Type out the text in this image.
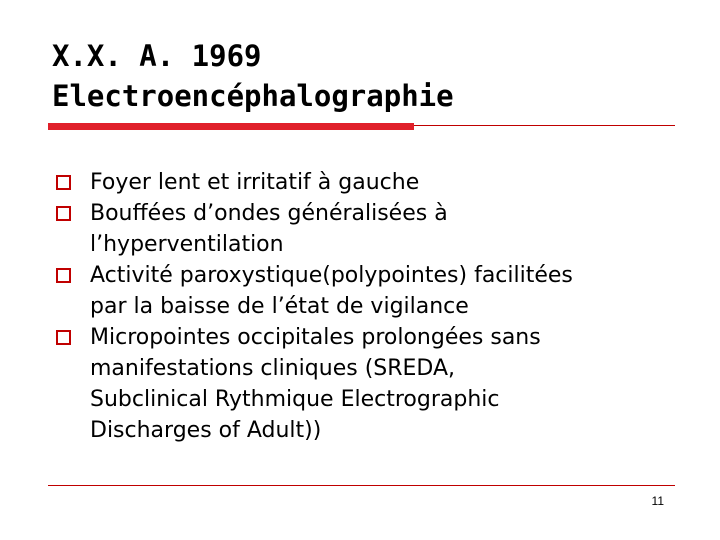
X.X. A. 1969
Electroencéphalographie
Foyer lent et irritatif à gauche
Bouffées d’ondes généralisées à
l’hyperventilation
Activité paroxystique(polypointes) facilitées
par la baisse de l’état de vigilance
Micropointes occipitales prolongées sans
manifestations cliniques (SREDA,
Subclinical Rythmique Electrographic
Discharges of Adult))
11
